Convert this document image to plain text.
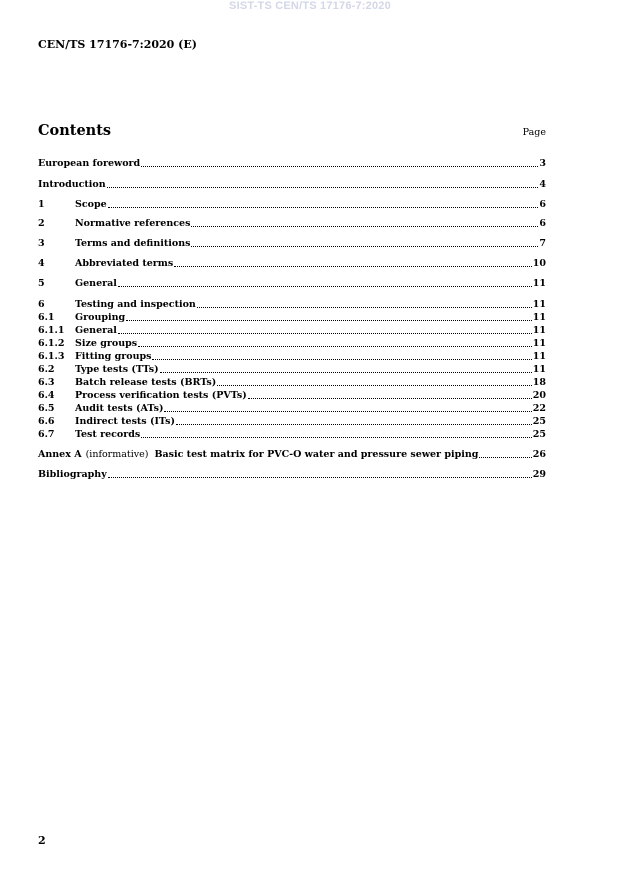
SIST-TS CEN/TS 17176-7:2020
CEN/TS 17176-7:2020 (E)
Contents	Page
European foreword	3
Introduction	4
1	Scope	6
2	Normative references	6
3	Terms and definitions	7
4	Abbreviated terms	10
5	General	11
6	Testing and inspection	11
6.1	Grouping	11
6.1.1	General	11
6.1.2	Size groups	11
6.1.3	Fitting groups	11
6.2	Type tests (TTs)	11
6.3	Batch release tests (BRTs)	18
6.4	Process verification tests (PVTs)	20
6.5	Audit tests (ATs)	22
6.6	Indirect tests (ITs)	25
6.7	Test records	25
Annex A (informative) Basic test matrix for PVC-O water and pressure sewer piping	26
Bibliography	29
2
